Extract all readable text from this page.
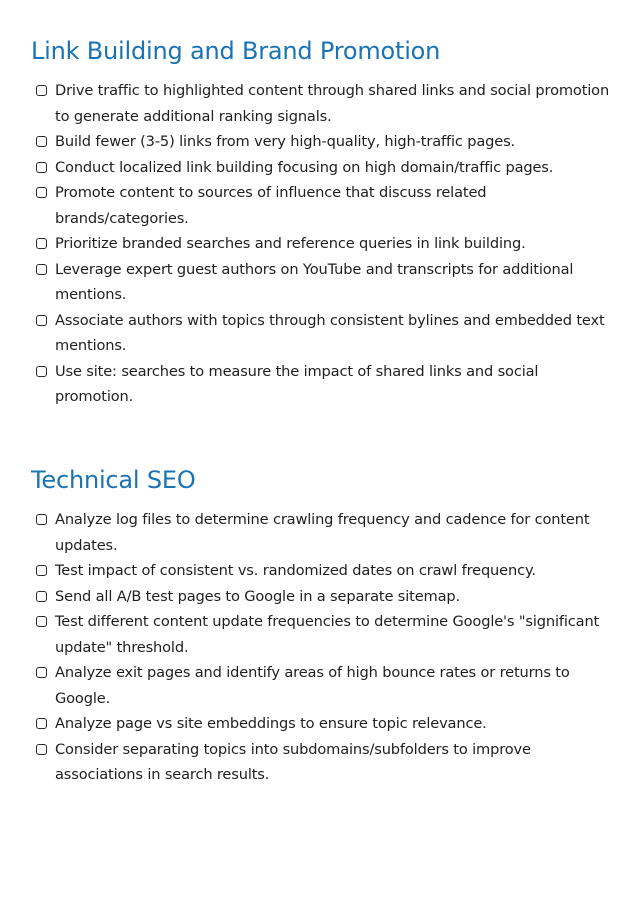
Link Building and Brand Promotion
Drive traffic to highlighted content through shared links and social promotion to generate additional ranking signals.
Build fewer (3-5) links from very high-quality, high-traffic pages.
Conduct localized link building focusing on high domain/traffic pages.
Promote content to sources of influence that discuss related brands/categories.
Prioritize branded searches and reference queries in link building.
Leverage expert guest authors on YouTube and transcripts for additional mentions.
Associate authors with topics through consistent bylines and embedded text mentions.
Use site: searches to measure the impact of shared links and social promotion.
Technical SEO
Analyze log files to determine crawling frequency and cadence for content updates.
Test impact of consistent vs. randomized dates on crawl frequency.
Send all A/B test pages to Google in a separate sitemap.
Test different content update frequencies to determine Google's "significant update" threshold.
Analyze exit pages and identify areas of high bounce rates or returns to Google.
Analyze page vs site embeddings to ensure topic relevance.
Consider separating topics into subdomains/subfolders to improve associations in search results.
